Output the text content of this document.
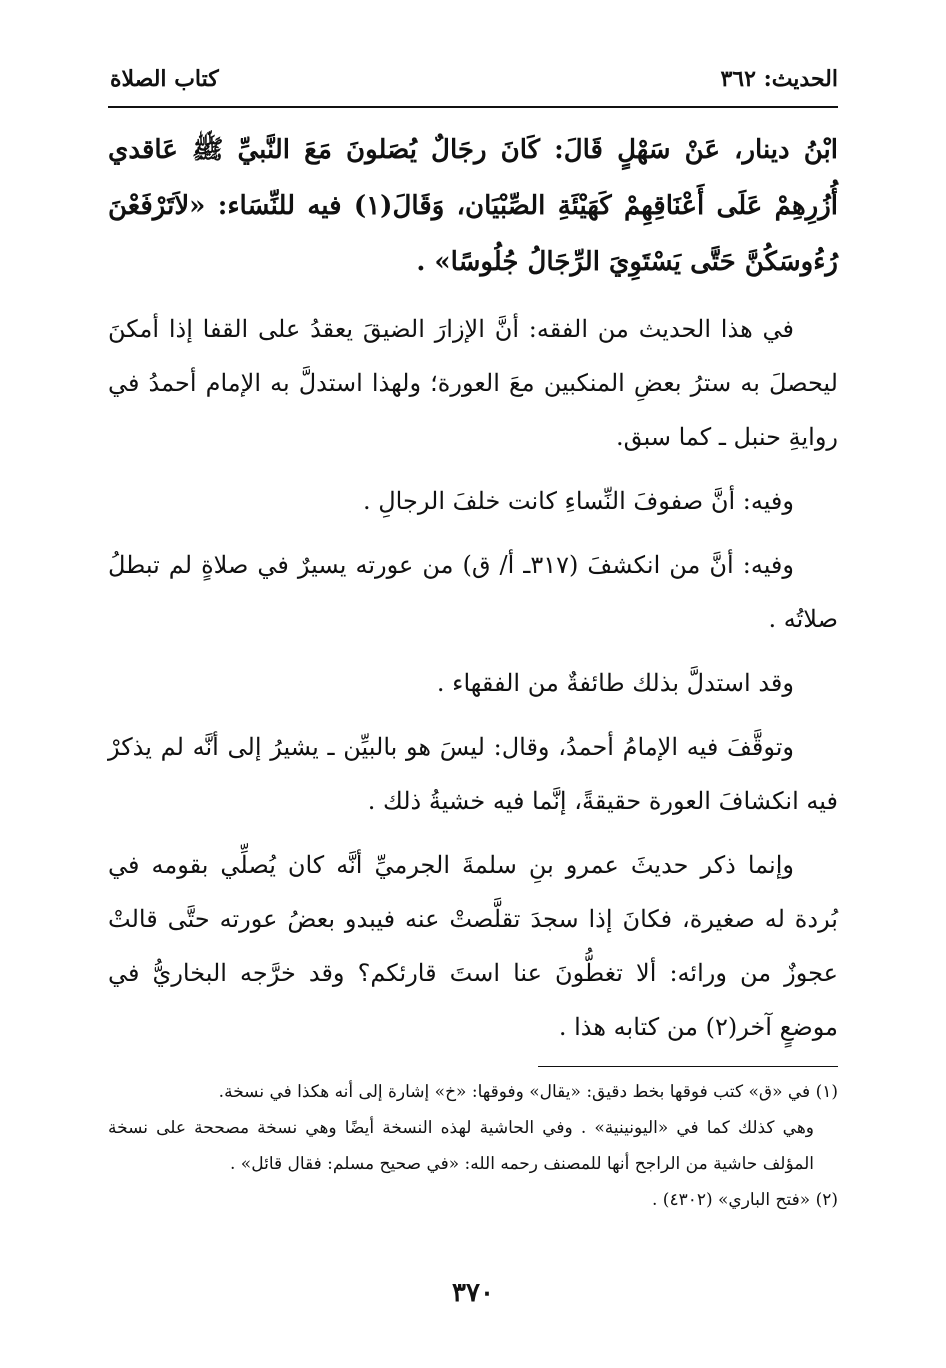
الحديث: ٣٦٢
كتاب الصلاة

ابْنُ دينار، عَنْ سَهْلٍ قَالَ: كَانَ رجَالٌ يُصَلونَ مَعَ النَّبيِّ ﷺ عَاقدي أُزُرِهِمْ عَلَى أَعْنَاقِهِمْ كَهَيْئَةِ الصِّبْيَان، وَقَالَ(١) فيه للنِّسَاء: «لاَتَرْفَعْنَ رُءُوسَكُنَّ حَتَّى يَسْتَوِيَ الرِّجَالُ جُلُوسًا» .

في هذا الحديث من الفقه: أنَّ الإزارَ الضيقَ يعقدُ على القفا إذا أمكنَ ليحصلَ به سترُ بعضِ المنكبين معَ العورة؛ ولهذا استدلَّ به الإمام أحمدُ في روايةِ حنبل ـ كما سبق.

وفيه: أنَّ صفوفَ النِّساءِ كانت خلفَ الرجالِ .

وفيه: أنَّ من انكشفَ (٣١٧ـ أ/ ق) من عورته يسيرٌ في صلاةٍ لم تبطلُ صلاتُه .

وقد استدلَّ بذلك طائفةٌ من الفقهاء .

وتوقَّفَ فيه الإمامُ أحمدُ، وقال: ليسَ هو بالبيِّن ـ يشيرُ إلى أنَّه لم يذكرْ فيه انكشافَ العورة حقيقةً، إنَّما فيه خشيةُ ذلك .

وإنما ذكر حديثَ عمرو بنِ سلمةَ الجرميِّ أنَّه كان يُصلِّي بقومه في بُردة له صغيرة، فكانَ إذا سجدَ تقلَّصتْ عنه فيبدو بعضُ عورته حتَّى قالتْ عجوزٌ من ورائه: ألا تغطُّونَ عنا استَ قارئكم؟ وقد خرَّجه البخاريُّ في موضعٍ آخر(٢) من كتابه هذا .

(١) في «ق» كتب فوقها بخط دقيق: «يقال» وفوقها: «خ» إشارة إلى أنه هكذا في نسخة.

وهي كذلك كما في «اليونينية» . وفي الحاشية لهذه النسخة أيضًا وهي نسخة مصححة على نسخة المؤلف حاشية من الراجح أنها للمصنف رحمه الله: «في صحيح مسلم: فقال قائل» .

(٢) «فتح الباري» (٤٣٠٢) .

٣٧٠
